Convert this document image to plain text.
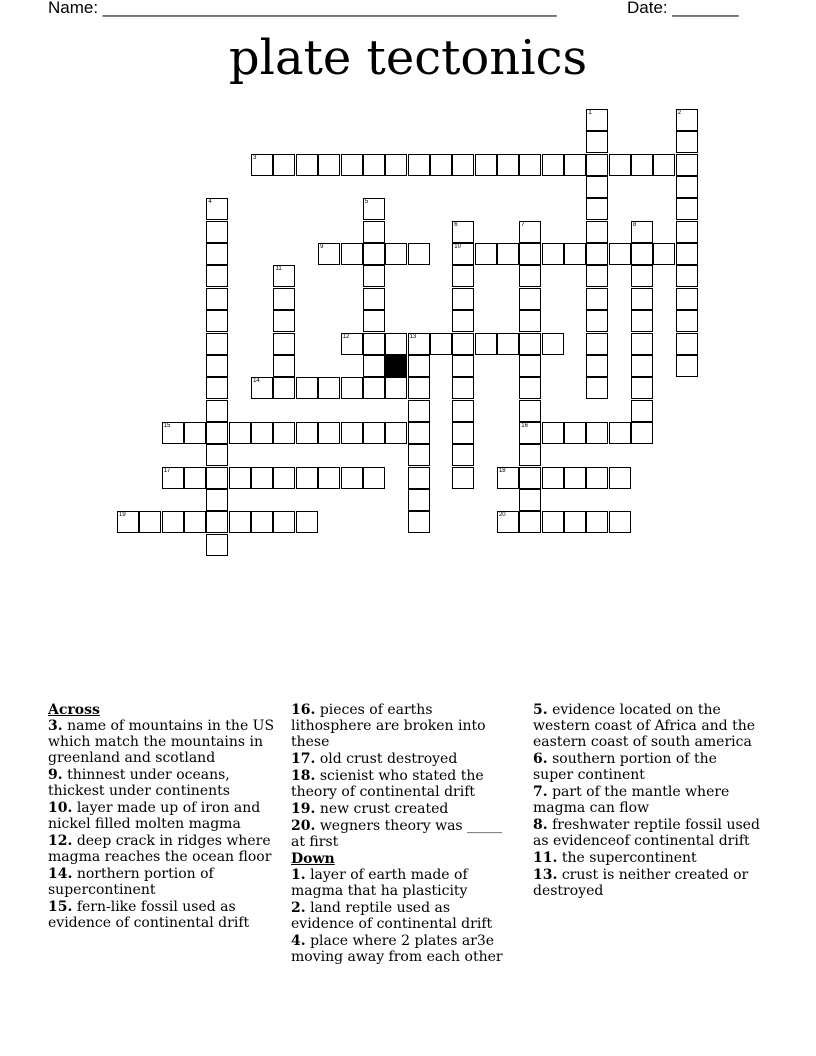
Name: ________________________________________________	Date: _______
plate tectonics
1	2
3
4	5
6
10
7
16
8
9
11
12	13
14
15
17	18
19	20
Across
3. name of mountains in the US which match the mountains in greenland and scotland
9. thinnest under oceans, thickest under continents
10. layer made up of iron and nickel filled molten magma
12. deep crack in ridges where magma reaches the ocean floor
14. northern portion of supercontinent
15. fern-like fossil used as evidence of continental drift
16. pieces of earths lithosphere are broken into these
17. old crust destroyed
18. scienist who stated the theory of continental drift
19. new crust created
20. wegners theory was _____ at first
Down
1. layer of earth made of magma that ha plasticity
2. land reptile used as evidence of continental drift
4. place where 2 plates ar3e moving away from each other
5. evidence located on the western coast of Africa and the eastern coast of south america
6. southern portion of the super continent
7. part of the mantle where magma can flow
8. freshwater reptile fossil used as evidenceof continental drift
11. the supercontinent
13. crust is neither created or destroyed
